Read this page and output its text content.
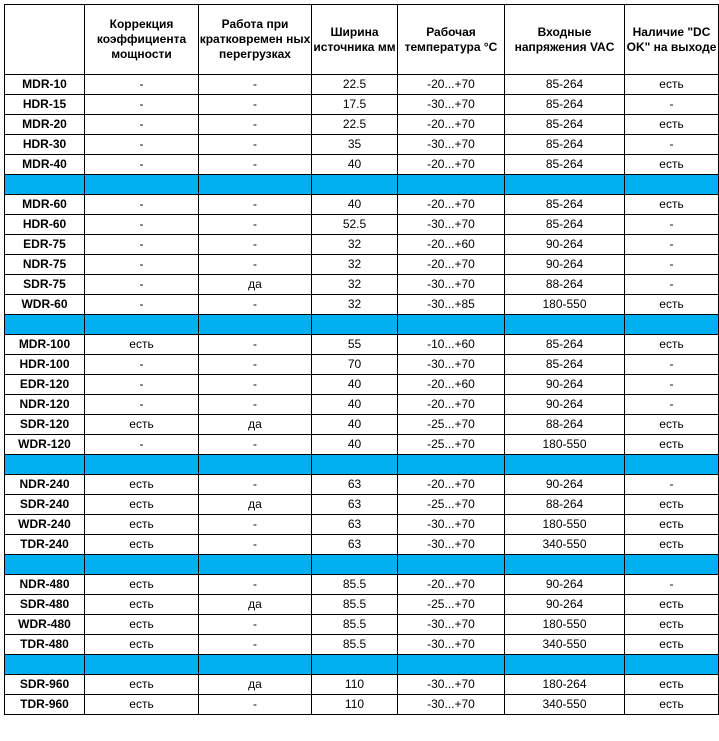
	Коррекция коэффициента мощности	Работа при кратковремен ных перегрузках	Ширина источника мм	Рабочая температура °С	Входные напряжения VAC	Наличие "DC OK" на выходе
MDR-10	-	-	22.5	-20...+70	85-264	есть
HDR-15	-	-	17.5	-30...+70	85-264	-
MDR-20	-	-	22.5	-20...+70	85-264	есть
HDR-30	-	-	35	-30...+70	85-264	-
MDR-40	-	-	40	-20...+70	85-264	есть

MDR-60	-	-	40	-20...+70	85-264	есть
HDR-60	-	-	52.5	-30...+70	85-264	-
EDR-75	-	-	32	-20...+60	90-264	-
NDR-75	-	-	32	-20...+70	90-264	-
SDR-75	-	да	32	-30...+70	88-264	-
WDR-60	-	-	32	-30...+85	180-550	есть

MDR-100	есть	-	55	-10...+60	85-264	есть
HDR-100	-	-	70	-30...+70	85-264	-
EDR-120	-	-	40	-20...+60	90-264	-
NDR-120	-	-	40	-20...+70	90-264	-
SDR-120	есть	да	40	-25...+70	88-264	есть
WDR-120	-	-	40	-25...+70	180-550	есть

NDR-240	есть	-	63	-20...+70	90-264	-
SDR-240	есть	да	63	-25...+70	88-264	есть
WDR-240	есть	-	63	-30...+70	180-550	есть
TDR-240	есть	-	63	-30...+70	340-550	есть

NDR-480	есть	-	85.5	-20...+70	90-264	-
SDR-480	есть	да	85.5	-25...+70	90-264	есть
WDR-480	есть	-	85.5	-30...+70	180-550	есть
TDR-480	есть	-	85.5	-30...+70	340-550	есть

SDR-960	есть	да	110	-30...+70	180-264	есть
TDR-960	есть	-	110	-30...+70	340-550	есть
